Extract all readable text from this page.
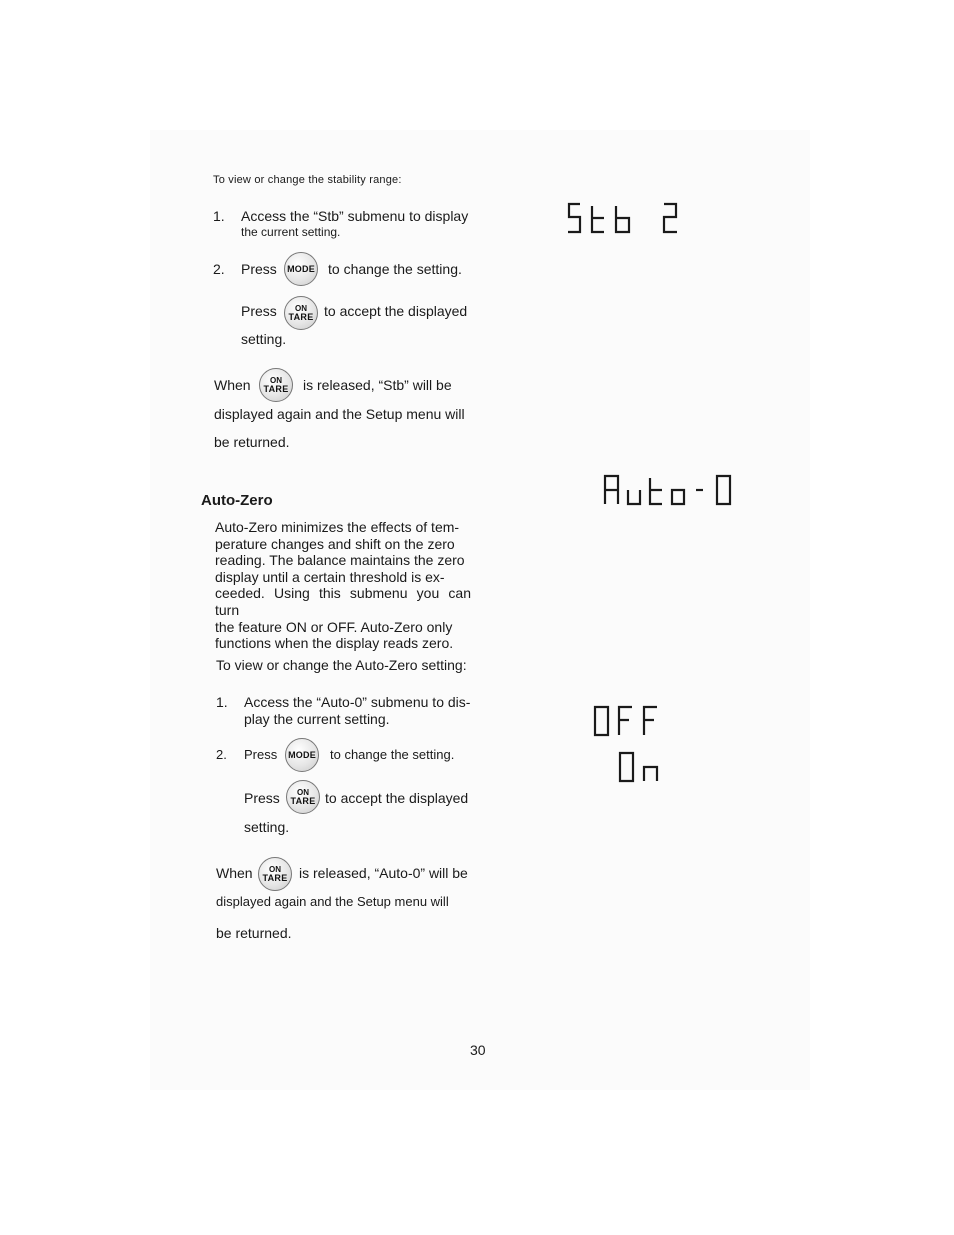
To view or change the stability range:
1. Access the “Stb” submenu to display
the current setting.
2. Press MODE to change the setting.
Press ON
TARE to accept the displayed
setting.
When ON
TARE is released, “Stb” will be
displayed again and the Setup menu will
be returned.
Auto-Zero
Auto-Zero minimizes the effects of tem-
perature changes and shift on the zero
reading. The balance maintains the zero
display until a certain threshold is ex-
ceeded. Using this submenu you can turn
the feature ON or OFF. Auto-Zero only
functions when the display reads zero.
To view or change the Auto-Zero setting:
1. Access the “Auto-0” submenu to dis-
play the current setting.
2. Press MODE to change the setting.
Press ON
TARE to accept the displayed
setting.
When ON
TARE is released, “Auto-0” will be
displayed again and the Setup menu will
be returned.
30
